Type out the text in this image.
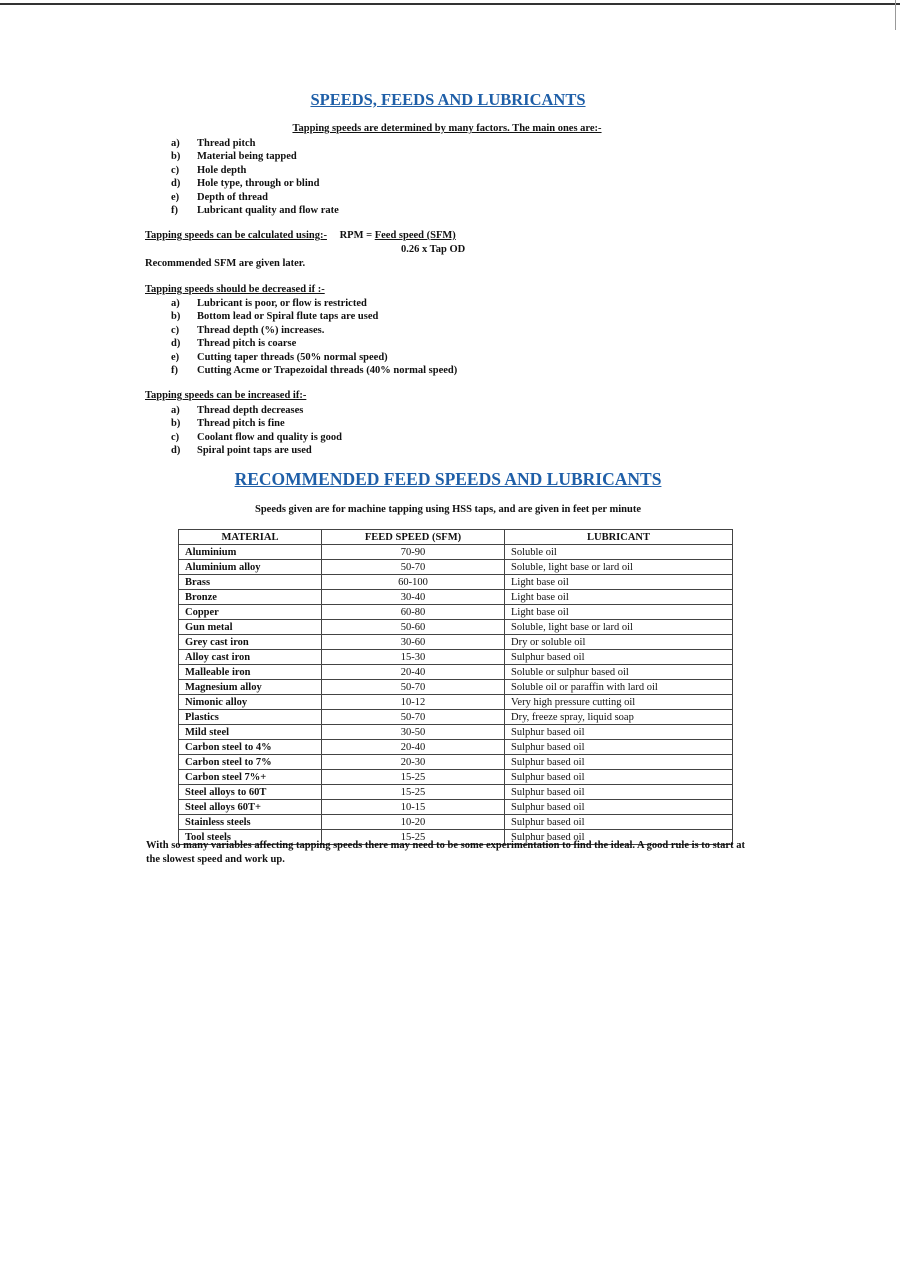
SPEEDS, FEEDS AND LUBRICANTS
Tapping speeds are determined by many factors. The main ones are:-
a)	Thread pitch
b)	Material being tapped
c)	Hole depth
d)	Hole type, through or blind
e)	Depth of thread
f)	Lubricant quality and flow rate
Tapping speeds can be calculated using:- RPM = Feed speed (SFM)
0.26 x Tap OD
Recommended SFM are given later.
Tapping speeds should be decreased if :-
a)	Lubricant is poor, or flow is restricted
b)	Bottom lead or Spiral flute taps are used
c)	Thread depth (%) increases.
d)	Thread pitch is coarse
e)	Cutting taper threads (50% normal speed)
f)	Cutting Acme or Trapezoidal threads (40% normal speed)
Tapping speeds can be increased if:-
a)	Thread depth decreases
b)	Thread pitch is fine
c)	Coolant flow and quality is good
d)	Spiral point taps are used
RECOMMENDED FEED SPEEDS AND LUBRICANTS
Speeds given are for machine tapping using HSS taps, and are given in feet per minute
MATERIAL	FEED SPEED (SFM)	LUBRICANT
Aluminium	70-90	Soluble oil
Aluminium alloy	50-70	Soluble, light base or lard oil
Brass	60-100	Light base oil
Bronze	30-40	Light base oil
Copper	60-80	Light base oil
Gun metal	50-60	Soluble, light base or lard oil
Grey cast iron	30-60	Dry or soluble oil
Alloy cast iron	15-30	Sulphur based oil
Malleable iron	20-40	Soluble or sulphur based oil
Magnesium alloy	50-70	Soluble oil or paraffin with lard oil
Nimonic alloy	10-12	Very high pressure cutting oil
Plastics	50-70	Dry, freeze spray, liquid soap
Mild steel	30-50	Sulphur based oil
Carbon steel to 4%	20-40	Sulphur based oil
Carbon steel to 7%	20-30	Sulphur based oil
Carbon steel 7%+	15-25	Sulphur based oil
Steel alloys to 60T	15-25	Sulphur based oil
Steel alloys 60T+	10-15	Sulphur based oil
Stainless steels	10-20	Sulphur based oil
Tool steels	15-25	Sulphur based oil
With so many variables affecting tapping speeds there may need to be some experimentation to find the ideal. A good rule is to start at the slowest speed and work up.
